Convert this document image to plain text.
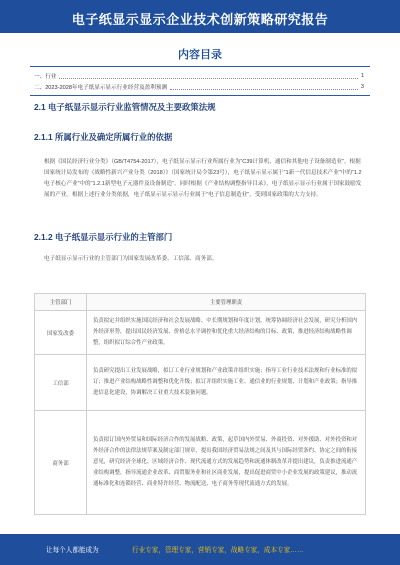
电子纸显示显示企业技术创新策略研究报告
内容目录
一、行业	1
二、2023-2028年电子纸显示显示行业经营及盈利预测	3
2.1 电子纸显示显示行业监管情况及主要政策法规
2.1.1 所属行业及确定所属行业的依据
根据《国民经济行业分类》（GB/T4754-2017），电子纸显示显示行业所属行业为“C39计算机、通信和其他电子设备制造业”。根据国家统计局发布的《战略性新兴产业分类（2018）》（国家统计局令第23号），电子纸显示显示属于“1新一代信息技术产业”中的“1.2电子核心产业”中的“1.2.1新型电子元器件及设备制造”。同时根据《产业结构调整指导目录》，电子纸显示显示行业属于国家鼓励发展的产业。根据上述行业分类依据，电子纸显示显示显示行业属于“电子信息制造业”，受到国家政策的大力支持。
2.1.2 电子纸显示显示行业的主管部门
电子纸显示显示行业的主管部门为国家发展改革委、工信部、商务部。
主管部门	主要管理职责
国家发改委	负责拟定并组织实施国民经济和社会发展战略、中长期规划和年度计划，统筹协调经济社会发展，研究分析国内外经济形势，提出国民经济发展、价格总水平调控和优化重大经济结构的目标、政策，推进经济结构战略性调整，组织拟订综合性产业政策。
工信部	负责研究提出工业发展战略，拟订工业行业规划和产业政策并组织实施；指导工业行业技术法规和行业标准的拟订；推进产业结构战略性调整和优化升级；拟订并组织实施工业、通信业的行业规划、计划和产业政策；指导推进信息化建设，协调解决工业重大技术装备问题。
商务部	负责拟订国内外贸易和国际经济合作的发展战略、政策，起草国内外贸易、外商投资、对外援助、对外投资和对外经济合作的法律法规草案及制定部门规章，提出我国经济贸易法规之间及其与国际经贸条约、协定之间的衔接意见，研究经济全球化、区域经济合作、现代流通方式的发展趋势和流通体制改革并提出建议，负责推进流通产业结构调整，指导流通企业改革、商贸服务业和社区商业发展，提出促进商贸中小企业发展的政策建议，推动流通标准化和连锁经营、商业特许经营、物流配送、电子商务等现代流通方式的发展。
让每个人都能成为	行业专家，管理专家，营销专家，战略专家，成本专家……
